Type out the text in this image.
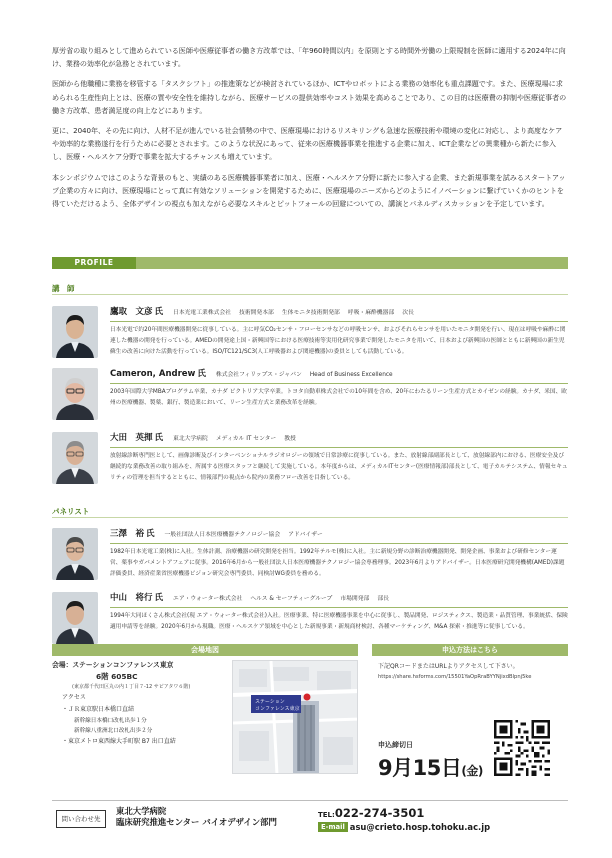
厚労省の取り組みとして進められている医師や医療従事者の働き方改革では、「年960時間以内」を原則とする時間外労働の上限規制を医師に適用する2024年に向け、業務の効率化が急務とされています。

医師から他職種に業務を移管する「タスクシフト」の推進策などが検討されているほか、ICTやロボットによる業務の効率化も重点課題です。また、医療現場に求められる生産性向上とは、医療の質や安全性を維持しながら、医療サービスの提供効率やコスト効果を高めることであり、この目的は医療費の抑制や医療従事者の働き方改革、患者満足度の向上などにあります。

更に、2040年、その先に向け、人材不足が進んでいる社会情勢の中で、医療現場におけるリスキリングも急速な医療技術や環境の変化に対応し、より高度なケアや効率的な業務遂行を行うために必要とされます。このような状況にあって、従来の医療機器事業を推進する企業に加え、ICT企業などの異業種から新たに参入し、医療・ヘルスケア分野で事業を拡大するチャンスも増えています。

本シンポジウムではこのような背景のもと、実績のある医療機器事業者に加え、医療・ヘルスケア分野に新たに参入する企業、また新規事業を試みるスタートアップ企業の方々に向け、医療現場にとって真に有効なソリューションを開発するために、医療現場のニーズからどのようにイノベーションに繋げていくかのヒントを得ていただけるよう、全体デザインの視点も加えながら必要なスキルとピットフォールの回避についての、講演とパネルディスカッションを予定しています。

PROFILE
講　師
鷹取　文彦 氏 日本光電工業株式会社 技術開発本部 生体モニタ技術開発部 呼吸・麻酔機器部 次長
日本光電で約20年間医療機器開発に従事している。主に呼気CO₂センサ・フローセンサなどの呼吸センサ、およびそれらセンサを用いたモニタ開発を行い、現在は呼吸や麻酔に関連した機器の開発を行っている。AMEDの開発途上国・新興国等における医療技術等実用化研究事業で開発したモニタを用いて、日本および新興国の医師とともに新興国の新生児蘇生の改善に向けた活動を行っている。ISO/TC121/SC3(人工呼吸器および関連機器)の委員としても活動している。
Cameron, Andrew 氏 株式会社フィリップス・ジャパン Head of Business Excellence
2003年国際大学MBAプログラム卒業、カナダ ビクトリア大学卒業。トヨタ自動車株式会社での10年間を含め、20年にわたるリーン生産方式とカイゼンの経験。カナダ、米国、欧州の医療機器、製薬、銀行、製造業において、リーン生産方式と業務改革を経験。
大田　英揮 氏 東北大学病院 メディカル IT センター 教授
放射線診断専門医として、画像診断及びインターベンショナルラジオロジーの領域で日常診療に従事している。また、放射線部副部長として、放射線部内における、医療安全及び継続的な業務改善の取り組みを、所属する医療スタッフと継続して実施している。本年度からは、メディカルITセンター(医療情報部)部長として、電子カルテシステム、情報セキュリティの管理を担当するとともに、情報部門の視点から院内の業務フロー改善を目指している。
パネリスト
三澤　裕 氏 一般社団法人日本医療機器テクノロジー協会 アドバイザー
1982年日本光電工業(株)に入社。生体計測、治療機器の研究開発を担当。1992年テルモ(株)に入社。主に新規分野の診断治療機器開発、開発企画、事業および研修センター運営、薬事やガバメントアフェアに従事。2016年6月から一般社団法人日本医療機器テクノロジー協会専務理事。2023年6月よりアドバイザー。日本医療研究開発機構(AMED)課題評価委員、経済産業省医療機器ビジョン研究会専門委員、同検討WG委員を務める。
中山　将行 氏 エア・ウォーター株式会社 ヘルス & セーフティーグループ 市場開発部 部長
1994年大同ほくさん株式会社(現 エア・ウォーター株式会社)入社。医療事業、特に医療機器事業を中心に従事し、製品開発、ロジスティクス、製造業・品質管理、事業統括、保険適用申請等を経験。2020年6月から現職。医療・ヘルスケア領域を中心とした新規事業・新規商材検討、各種マーケティング、M&A 探索・推進等に従事している。
会場地図	申込方法はこちら
会場：ステーションコンファレンス東京
6階 605BC
(東京都千代田区丸の内１丁目７-12 サピアタワ６階)
アクセス
・ＪＲ東京駅日本橋口直結
新幹線日本橋口改札出歩１分
新幹線八重洲北口改札出歩２分
・東京メトロ東西線大手町駅 B7 出口直結
ステーション
コンファレンス東京
下記QRコードまたはURLよりアクセスして下さい。
https://share.hsforms.com/15501YaOpRraBYYNjixdBlpnj5ke
申込締切日
9月15日(金)
問い合わせ先
東北大学病院
臨床研究推進センター バイオデザイン部門
TEL:022-274-3501
E-mail asu@crieto.hosp.tohoku.ac.jp
